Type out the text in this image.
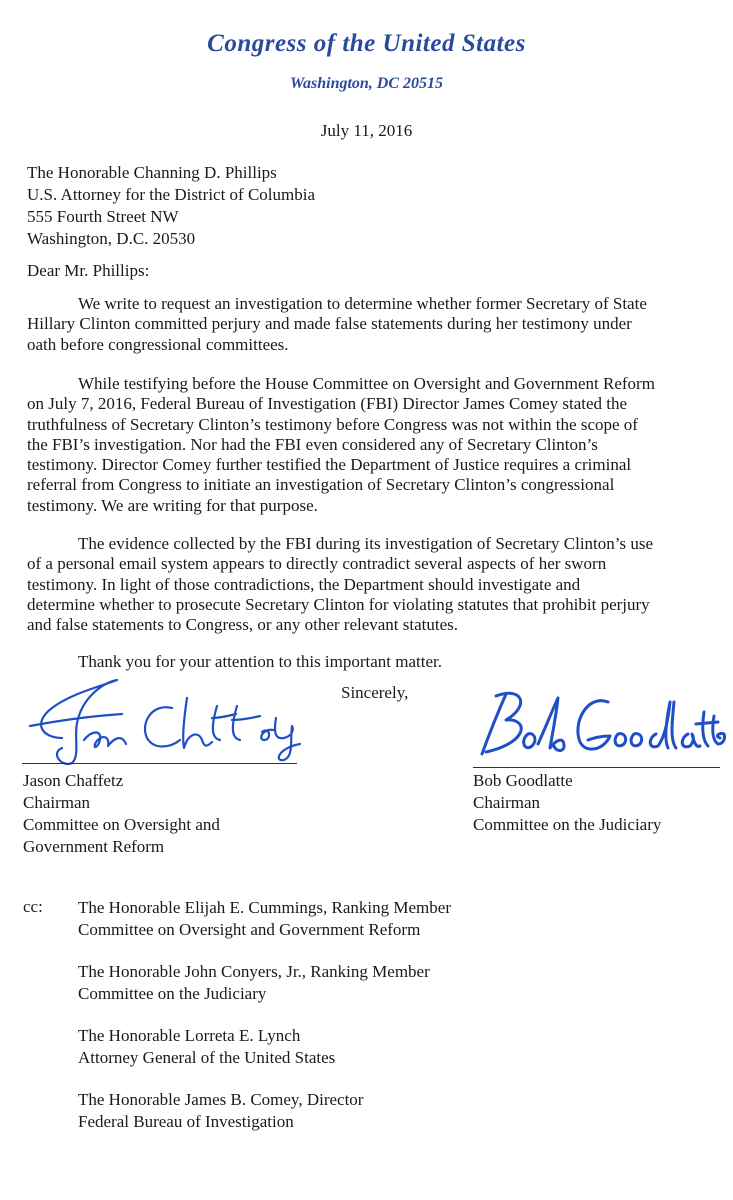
Congress of the United States
Washington, DC 20515
July 11, 2016
The Honorable Channing D. Phillips
U.S. Attorney for the District of Columbia
555 Fourth Street NW
Washington, D.C. 20530
Dear Mr. Phillips:

We write to request an investigation to determine whether former Secretary of State
Hillary Clinton committed perjury and made false statements during her testimony under
oath before congressional committees.

While testifying before the House Committee on Oversight and Government Reform
on July 7, 2016, Federal Bureau of Investigation (FBI) Director James Comey stated the
truthfulness of Secretary Clinton’s testimony before Congress was not within the scope of
the FBI’s investigation. Nor had the FBI even considered any of Secretary Clinton’s
testimony. Director Comey further testified the Department of Justice requires a criminal
referral from Congress to initiate an investigation of Secretary Clinton’s congressional
testimony. We are writing for that purpose.

The evidence collected by the FBI during its investigation of Secretary Clinton’s use
of a personal email system appears to directly contradict several aspects of her sworn
testimony. In light of those contradictions, the Department should investigate and
determine whether to prosecute Secretary Clinton for violating statutes that prohibit perjury
and false statements to Congress, or any other relevant statutes.

Thank you for your attention to this important matter.
Sincerely,
Jason Chaffetz
Chairman
Committee on Oversight and
Government Reform
Bob Goodlatte
Chairman
Committee on the Judiciary
cc: The Honorable Elijah E. Cummings, Ranking Member
Committee on Oversight and Government Reform
The Honorable John Conyers, Jr., Ranking Member
Committee on the Judiciary
The Honorable Lorreta E. Lynch
Attorney General of the United States
The Honorable James B. Comey, Director
Federal Bureau of Investigation
